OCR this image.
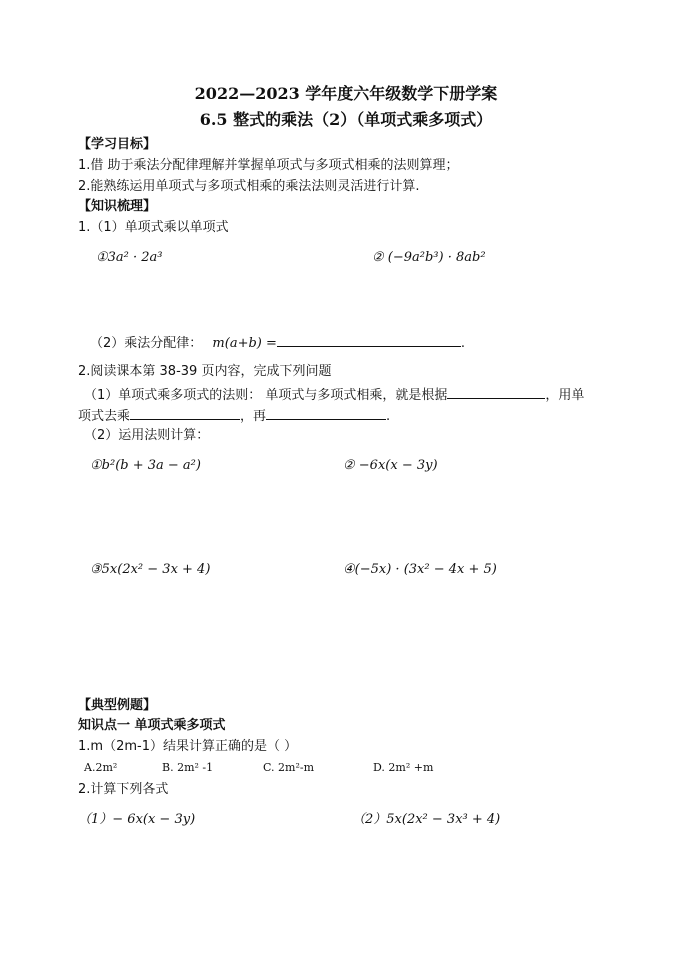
2022—2023 学年度六年级数学下册学案
6.5 整式的乘法（2）（单项式乘多项式）
【学习目标】
1.借 助于乘法分配律理解并掌握单项式与多项式相乘的法则算理；
2.能熟练运用单项式与多项式相乘的乘法法则灵活进行计算.
【知识梳理】
1.（1）单项式乘以单项式
①3a² · 2a³	② (−9a²b³) · 8ab²
（2）乘法分配律： m(a+b) =	.
2.阅读课本第 38-39 页内容，完成下列问题
（1）单项式乘多项式的法则： 单项式与多项式相乘，就是根据	，用单
项式去乘	，再	.
（2）运用法则计算：
①b²(b + 3a − a²)	② −6x(x − 3y)
③5x(2x² − 3x + 4)	④(−5x) · (3x² − 4x + 5)
【典型例题】
知识点一 单项式乘多项式
1.m（2m-1）结果计算正确的是（ ）
A.2m²	B. 2m² -1	C. 2m²-m	D. 2m² +m
2.计算下列各式
（1）− 6x(x − 3y)	（2）5x(2x² − 3x³ + 4)
